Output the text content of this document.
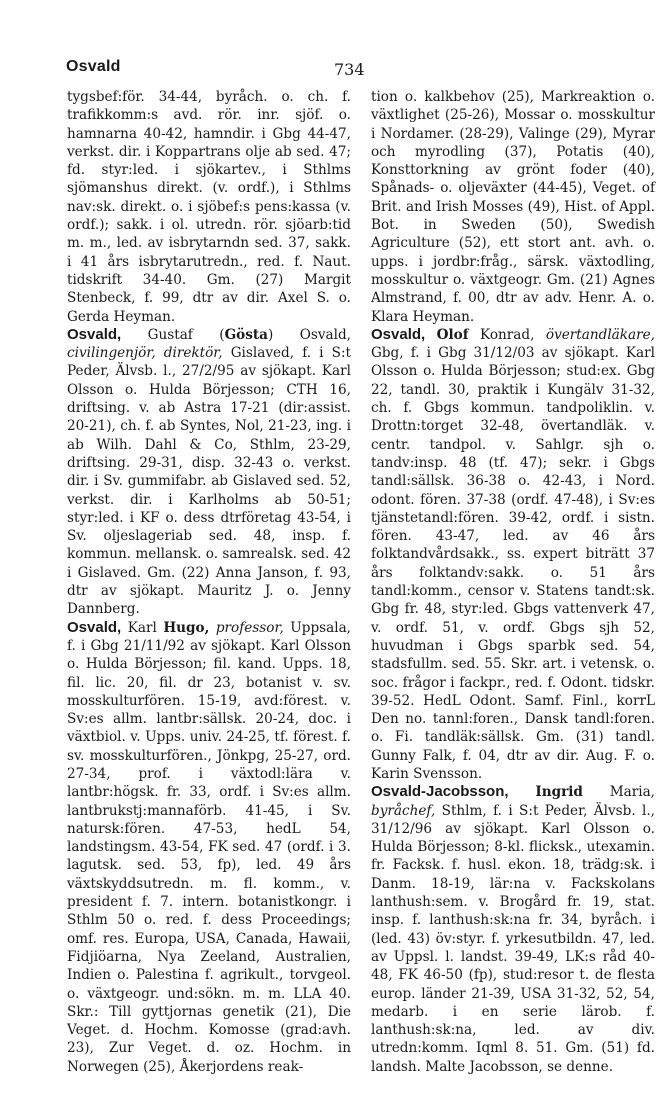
Osvald	734

tygsbef:för. 34-44, byråch. o. ch. f. trafikkomm:s avd. rör. inr. sjöf. o. hamnarna 40-42, hamndir. i Gbg 44-47, verkst. dir. i Koppartrans olje ab sed. 47; fd. styr:led. i sjökartev., i Sthlms sjömanshus direkt. (v. ordf.), i Sthlms nav:sk. direkt. o. i sjöbef:s pens:kassa (v. ordf.); sakk. i ol. utredn. rör. sjöarb:tid m. m., led. av isbrytarndn sed. 37, sakk. i 41 års isbrytarutredn., red. f. Naut. tidskrift 34-40. Gm. (27) Margit Stenbeck, f. 99, dtr av dir. Axel S. o. Gerda Heyman.

Osvald, Gustaf (Gösta) Osvald, civilingenjör, direktör, Gislaved, f. i S:t Peder, Älvsb. l., 27/2/95 av sjökapt. Karl Olsson o. Hulda Börjesson; CTH 16, driftsing. v. ab Astra 17-21 (dir:assist. 20-21), ch. f. ab Syntes, Nol, 21-23, ing. i ab Wilh. Dahl & Co, Sthlm, 23-29, driftsing. 29-31, disp. 32-43 o. verkst. dir. i Sv. gummifabr. ab Gislaved sed. 52, verkst. dir. i Karlholms ab 50-51; styr:led. i KF o. dess dtrföretag 43-54, i Sv. oljeslageriab sed. 48, insp. f. kommun. mellansk. o. samrealsk. sed. 42 i Gislaved. Gm. (22) Anna Janson, f. 93, dtr av sjökapt. Mauritz J. o. Jenny Dannberg.

Osvald, Karl Hugo, professor, Uppsala, f. i Gbg 21/11/92 av sjökapt. Karl Olsson o. Hulda Börjesson; fil. kand. Upps. 18, fil. lic. 20, fil. dr 23, botanist v. sv. mosskulturfören. 15-19, avd:förest. v. Sv:es allm. lantbr:sällsk. 20-24, doc. i växtbiol. v. Upps. univ. 24-25, tf. förest. f. sv. mosskulturfören., Jönkpg, 25-27, ord. 27-34, prof. i växtodl:lära v. lantbr:högsk. fr. 33, ordf. i Sv:es allm. lantbrukstj:mannaförb. 41-45, i Sv. natursk:fören. 47-53, hedL 54, landstingsm. 43-54, FK sed. 47 (ordf. i 3. lagutsk. sed. 53, fp), led. 49 års växtskyddsutredn. m. fl. komm., v. president f. 7. intern. botanistkongr. i Sthlm 50 o. red. f. dess Proceedings; omf. res. Europa, USA, Canada, Hawaii, Fidjiöarna, Nya Zeeland, Australien, Indien o. Palestina f. agrikult., torvgeol. o. växtgeogr. und:sökn. m. m. LLA 40. Skr.: Till gyttjornas genetik (21), Die Veget. d. Hochm. Komosse (grad:avh. 23), Zur Veget. d. oz. Hochm. in Norwegen (25), Åkerjordens reak-

tion o. kalkbehov (25), Markreaktion o. växtlighet (25-26), Mossar o. mosskultur i Nordamer. (28-29), Valinge (29), Myrar och myrodling (37), Potatis (40), Konsttorkning av grönt foder (40), Spånads- o. oljeväxter (44-45), Veget. of Brit. and Irish Mosses (49), Hist. of Appl. Bot. in Sweden (50), Swedish Agriculture (52), ett stort ant. avh. o. upps. i jordbr:fråg., särsk. växtodling, mosskultur o. växtgeogr. Gm. (21) Agnes Almstrand, f. 00, dtr av adv. Henr. A. o. Klara Heyman.

Osvald, Olof Konrad, övertandläkare, Gbg, f. i Gbg 31/12/03 av sjökapt. Karl Olsson o. Hulda Börjesson; stud:ex. Gbg 22, tandl. 30, praktik i Kungälv 31-32, ch. f. Gbgs kommun. tandpoliklin. v. Drottn:torget 32-48, övertandläk. v. centr. tandpol. v. Sahlgr. sjh o. tandv:insp. 48 (tf. 47); sekr. i Gbgs tandl:sällsk. 36-38 o. 42-43, i Nord. odont. fören. 37-38 (ordf. 47-48), i Sv:es tjänstetandl:fören. 39-42, ordf. i sistn. fören. 43-47, led. av 46 års folktandvårdsakk., ss. expert biträtt 37 års folktandv:sakk. o. 51 års tandl:komm., censor v. Statens tandt:sk. Gbg fr. 48, styr:led. Gbgs vattenverk 47, v. ordf. 51, v. ordf. Gbgs sjh 52, huvudman i Gbgs sparbk sed. 54, stadsfullm. sed. 55. Skr. art. i vetensk. o. soc. frågor i fackpr., red. f. Odont. tidskr. 39-52. HedL Odont. Samf. Finl., korrL Den no. tannl:foren., Dansk tandl:foren. o. Fi. tandläk:sällsk. Gm. (31) tandl. Gunny Falk, f. 04, dtr av dir. Aug. F. o. Karin Svensson.

Osvald-Jacobsson, Ingrid Maria, byråchef, Sthlm, f. i S:t Peder, Älvsb. l., 31/12/96 av sjökapt. Karl Olsson o. Hulda Börjesson; 8-kl. flicksk., utexamin. fr. Facksk. f. husl. ekon. 18, trädg:sk. i Danm. 18-19, lär:na v. Fackskolans lanthush:sem. v. Brogård fr. 19, stat. insp. f. lanthush:sk:na fr. 34, byråch. i (led. 43) öv:styr. f. yrkesutbildn. 47, led. av Uppsl. l. landst. 39-49, LK:s råd 40-48, FK 46-50 (fp), stud:resor t. de flesta europ. länder 21-39, USA 31-32, 52, 54, medarb. i en serie lärob. f. lanthush:sk:na, led. av div. utredn:komm. Iqml 8. 51. Gm. (51) fd. landsh. Malte Jacobsson, se denne.
